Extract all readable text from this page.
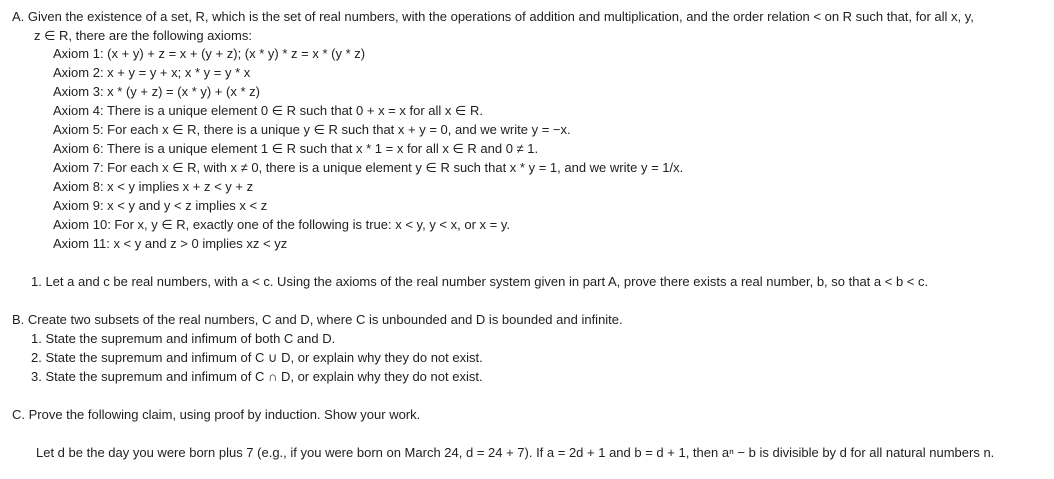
A. Given the existence of a set, R, which is the set of real numbers, with the operations of addition and multiplication, and the order relation < on R such that, for all x, y,
z ∈ R, there are the following axioms:
Axiom 1: (x + y) + z = x + (y + z); (x * y) * z = x * (y * z)
Axiom 2: x + y = y + x; x * y = y * x
Axiom 3: x * (y + z) = (x * y) + (x * z)
Axiom 4: There is a unique element 0 ∈ R such that 0 + x = x for all x ∈ R.
Axiom 5: For each x ∈ R, there is a unique y ∈ R such that x + y = 0, and we write y = −x.
Axiom 6: There is a unique element 1 ∈ R such that x * 1 = x for all x ∈ R and 0 ≠ 1.
Axiom 7: For each x ∈ R, with x ≠ 0, there is a unique element y ∈ R such that x * y = 1, and we write y = 1/x.
Axiom 8: x < y implies x + z < y + z
Axiom 9: x < y and y < z implies x < z
Axiom 10: For x, y ∈ R, exactly one of the following is true: x < y, y < x, or x = y.
Axiom 11: x < y and z > 0 implies xz < yz
1. Let a and c be real numbers, with a < c. Using the axioms of the real number system given in part A, prove there exists a real number, b, so that a < b < c.
B. Create two subsets of the real numbers, C and D, where C is unbounded and D is bounded and infinite.
1. State the supremum and infimum of both C and D.
2. State the supremum and infimum of C ∪ D, or explain why they do not exist.
3. State the supremum and infimum of C ∩ D, or explain why they do not exist.
C. Prove the following claim, using proof by induction. Show your work.
Let d be the day you were born plus 7 (e.g., if you were born on March 24, d = 24 + 7). If a = 2d + 1 and b = d + 1, then aⁿ − b is divisible by d for all natural numbers n.
